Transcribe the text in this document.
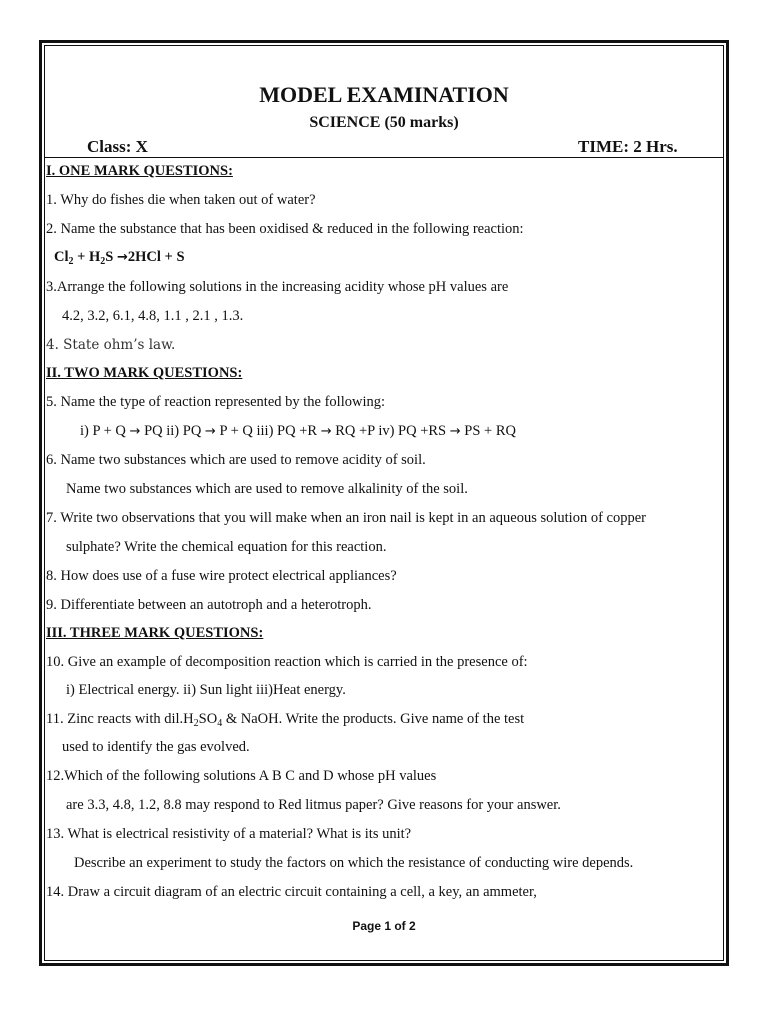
MODEL EXAMINATION
SCIENCE (50 marks)
Class: X	TIME: 2 Hrs.
I. ONE MARK QUESTIONS:
1. Why do fishes die when taken out of water?
2. Name the substance that has been oxidised & reduced in the following reaction:
$Cl_2 + H_2S \to 2HCl + S$
3.Arrange the following solutions in the increasing acidity whose pH values are
4.2, 3.2, 6.1, 4.8, 1.1 , 2.1 , 1.3.
4. State ohm’s law.
II. TWO MARK QUESTIONS:
5. Name the type of reaction represented by the following:
i) P + Q → PQ ii) PQ → P + Q iii) PQ +R → RQ +P iv) PQ +RS → PS + RQ
6. Name two substances which are used to remove acidity of soil.
Name two substances which are used to remove alkalinity of the soil.
7. Write two observations that you will make when an iron nail is kept in an aqueous solution of copper
sulphate? Write the chemical equation for this reaction.
8. How does use of a fuse wire protect electrical appliances?
9. Differentiate between an autotroph and a heterotroph.
III. THREE MARK QUESTIONS:
10. Give an example of decomposition reaction which is carried in the presence of:
i) Electrical energy. ii) Sun light iii)Heat energy.
11. Zinc reacts with $dil.H_2SO_4$ & NaOH. Write the products. Give name of the test
used to identify the gas evolved.
12.Which of the following solutions A B C and D whose pH values
are 3.3, 4.8, 1.2, 8.8 may respond to Red litmus paper? Give reasons for your answer.
13. What is electrical resistivity of a material? What is its unit?
Describe an experiment to study the factors on which the resistance of conducting wire depends.
14. Draw a circuit diagram of an electric circuit containing a cell, a key, an ammeter,
Page 1 of 2
